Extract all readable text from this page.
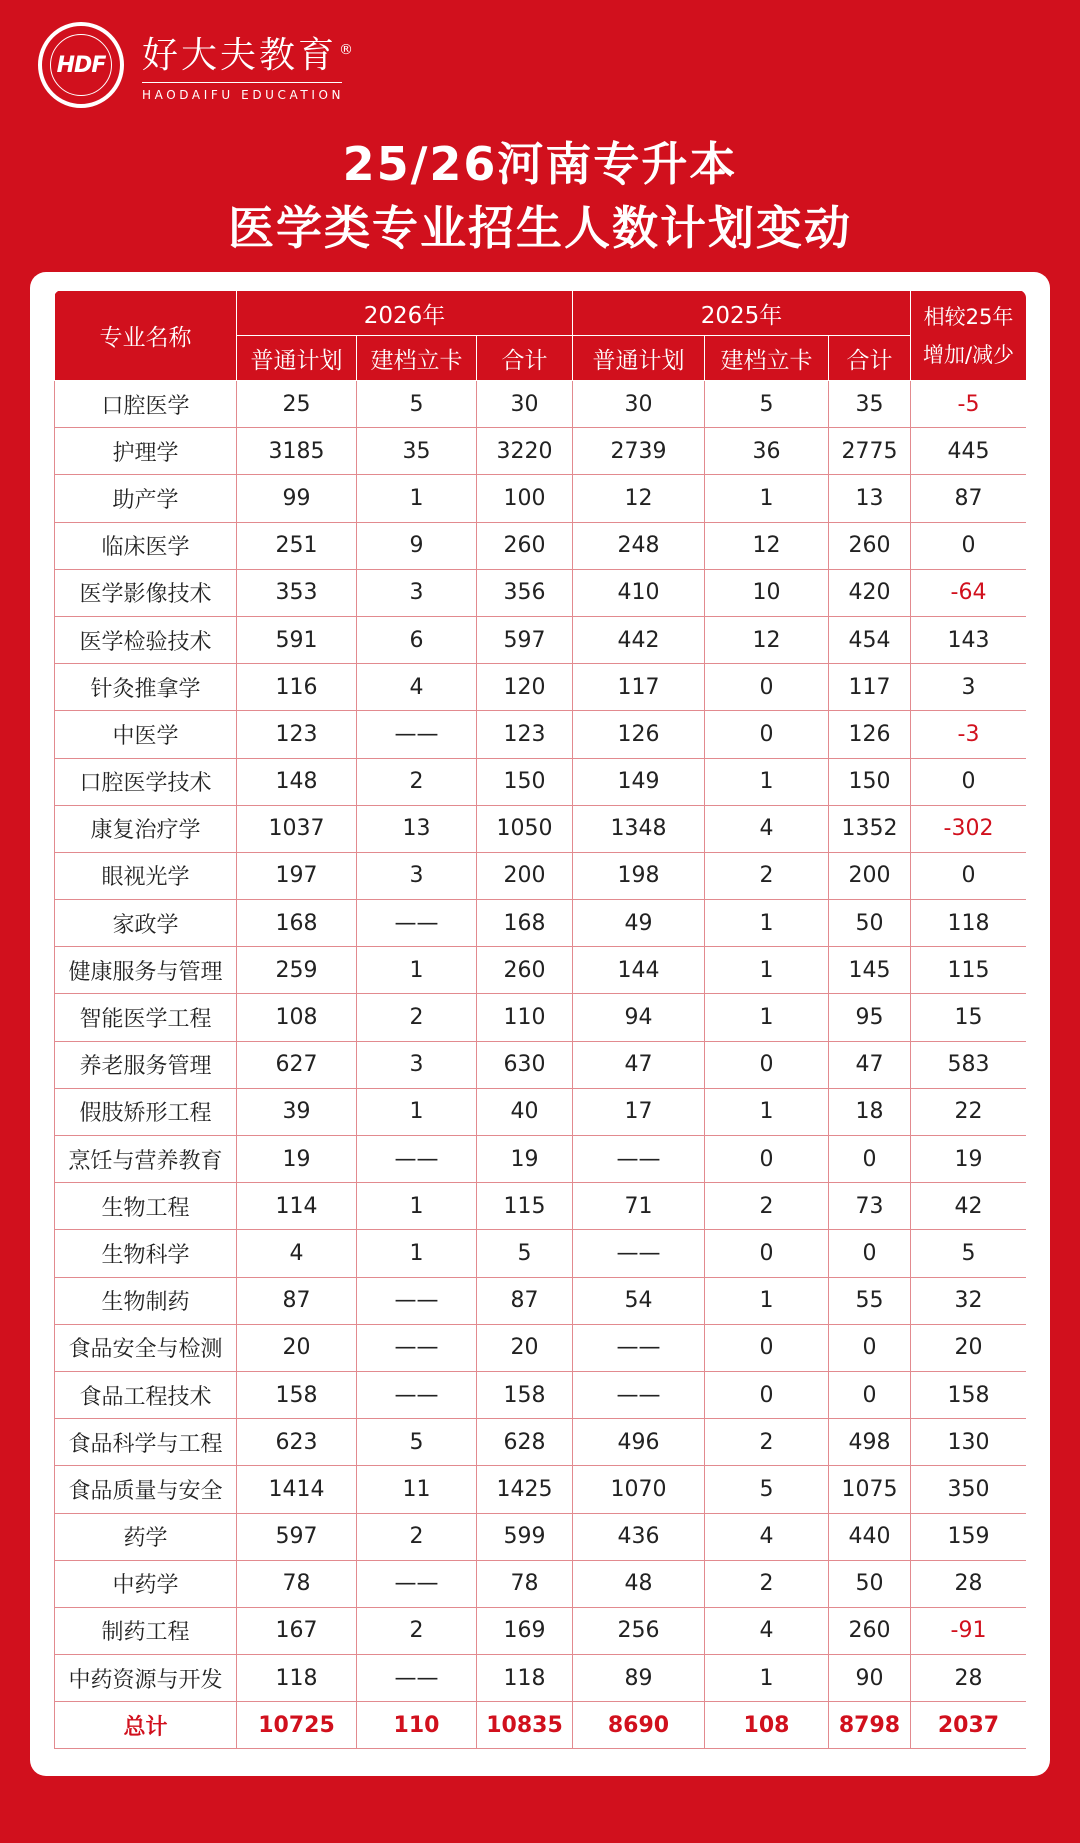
HDF 好大夫教育 ®
HAODAIFU EDUCATION
25/26河南专升本
医学类专业招生人数计划变动
专业名称	2026年			2025年			相较25年
增加/减少
	普通计划	建档立卡	合计	普通计划	建档立卡	合计	
口腔医学	25	5	30	30	5	35	-5
护理学	3185	35	3220	2739	36	2775	445
助产学	99	1	100	12	1	13	87
临床医学	251	9	260	248	12	260	0
医学影像技术	353	3	356	410	10	420	-64
医学检验技术	591	6	597	442	12	454	143
针灸推拿学	116	4	120	117	0	117	3
中医学	123	——	123	126	0	126	-3
口腔医学技术	148	2	150	149	1	150	0
康复治疗学	1037	13	1050	1348	4	1352	-302
眼视光学	197	3	200	198	2	200	0
家政学	168	——	168	49	1	50	118
健康服务与管理	259	1	260	144	1	145	115
智能医学工程	108	2	110	94	1	95	15
养老服务管理	627	3	630	47	0	47	583
假肢矫形工程	39	1	40	17	1	18	22
烹饪与营养教育	19	——	19	——	0	0	19
生物工程	114	1	115	71	2	73	42
生物科学	4	1	5	——	0	0	5
生物制药	87	——	87	54	1	55	32
食品安全与检测	20	——	20	——	0	0	20
食品工程技术	158	——	158	——	0	0	158
食品科学与工程	623	5	628	496	2	498	130
食品质量与安全	1414	11	1425	1070	5	1075	350
药学	597	2	599	436	4	440	159
中药学	78	——	78	48	2	50	28
制药工程	167	2	169	256	4	260	-91
中药资源与开发	118	——	118	89	1	90	28
总计	10725	110	10835	8690	108	8798	2037
